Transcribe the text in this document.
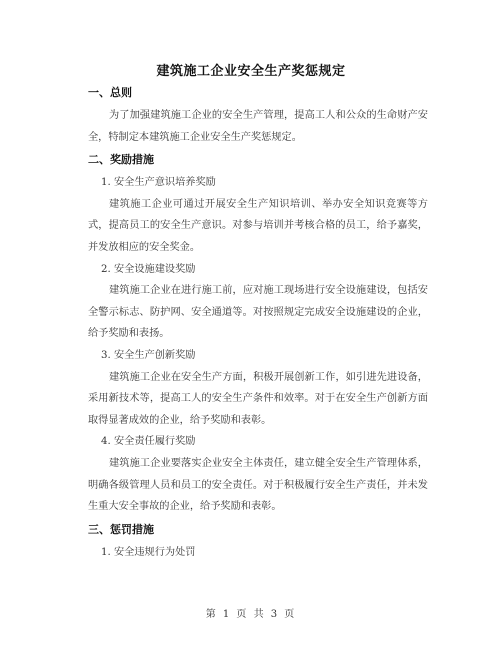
建筑施工企业安全生产奖惩规定
一、总则

为了加强建筑施工企业的安全生产管理，提高工人和公众的生命财产安全，特制定本建筑施工企业安全生产奖惩规定。

二、奖励措施

1. 安全生产意识培养奖励

建筑施工企业可通过开展安全生产知识培训、举办安全知识竞赛等方式，提高员工的安全生产意识。对参与培训并考核合格的员工，给予嘉奖，并发放相应的安全奖金。

2. 安全设施建设奖励

建筑施工企业在进行施工前，应对施工现场进行安全设施建设，包括安全警示标志、防护网、安全通道等。对按照规定完成安全设施建设的企业，给予奖励和表扬。

3. 安全生产创新奖励

建筑施工企业在安全生产方面，积极开展创新工作，如引进先进设备，采用新技术等，提高工人的安全生产条件和效率。对于在安全生产创新方面取得显著成效的企业，给予奖励和表彰。

4. 安全责任履行奖励

建筑施工企业要落实企业安全主体责任，建立健全安全生产管理体系，明确各级管理人员和员工的安全责任。对于积极履行安全生产责任，并未发生重大安全事故的企业，给予奖励和表彰。

三、惩罚措施

1. 安全违规行为处罚

第 1 页 共 3 页
